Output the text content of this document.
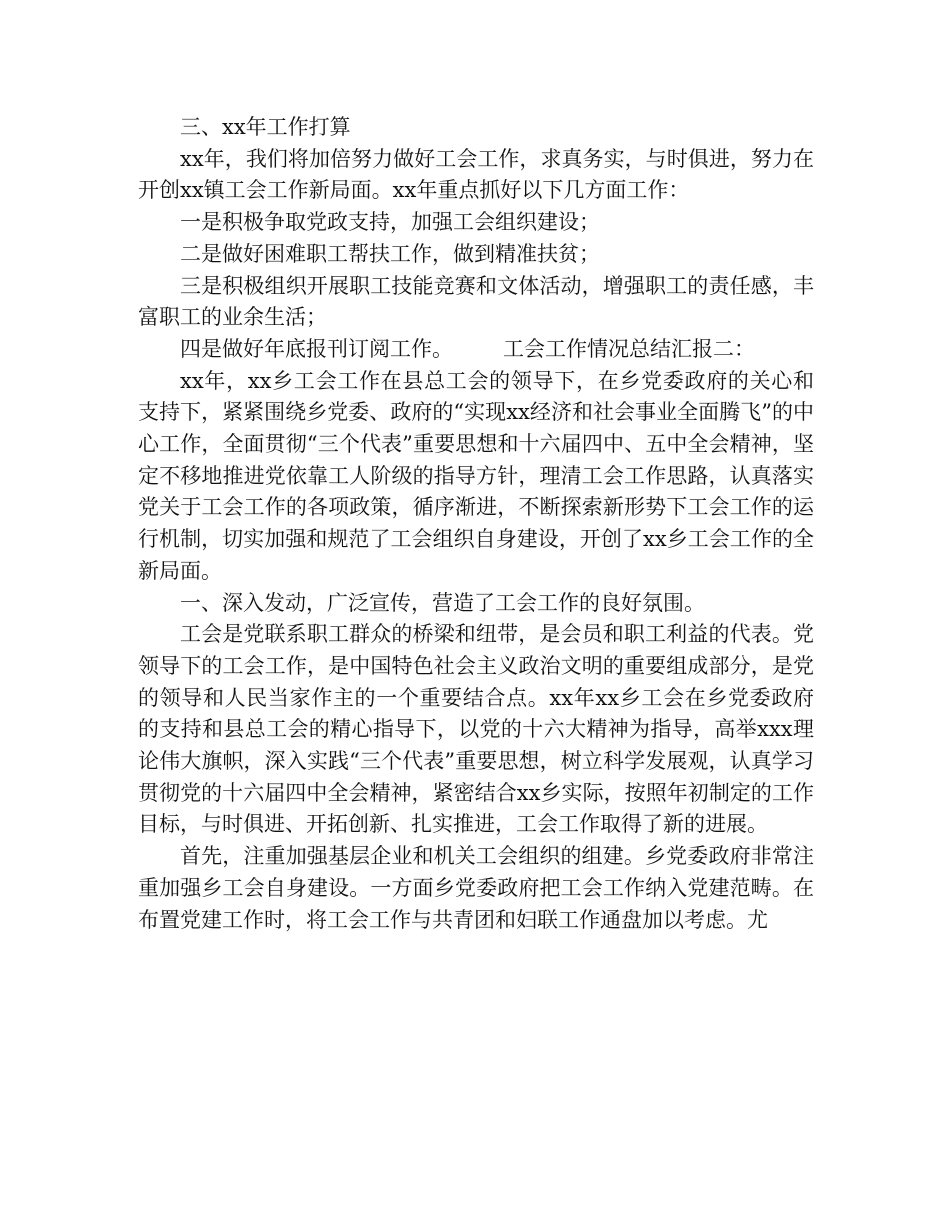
三、xx年工作打算

xx年，我们将加倍努力做好工会工作，求真务实，与时俱进，努力在开创xx镇工会工作新局面。xx年重点抓好以下几方面工作：

一是积极争取党政支持，加强工会组织建设；

二是做好困难职工帮扶工作，做到精准扶贫；

三是积极组织开展职工技能竞赛和文体活动，增强职工的责任感，丰富职工的业余生活；

四是做好年底报刊订阅工作。 工会工作情况总结汇报二：

xx年，xx乡工会工作在县总工会的领导下，在乡党委政府的关心和支持下，紧紧围绕乡党委、政府的“实现xx经济和社会事业全面腾飞”的中心工作，全面贯彻“三个代表”重要思想和十六届四中、五中全会精神，坚定不移地推进党依靠工人阶级的指导方针，理清工会工作思路，认真落实党关于工会工作的各项政策，循序渐进，不断探索新形势下工会工作的运行机制，切实加强和规范了工会组织自身建设，开创了xx乡工会工作的全新局面。

一、深入发动，广泛宣传，营造了工会工作的良好氛围。

工会是党联系职工群众的桥梁和纽带，是会员和职工利益的代表。党领导下的工会工作，是中国特色社会主义政治文明的重要组成部分，是党的领导和人民当家作主的一个重要结合点。xx年xx乡工会在乡党委政府的支持和县总工会的精心指导下，以党的十六大精神为指导，高举xxx理论伟大旗帜，深入实践“三个代表”重要思想，树立科学发展观，认真学习贯彻党的十六届四中全会精神，紧密结合xx乡实际，按照年初制定的工作目标，与时俱进、开拓创新、扎实推进，工会工作取得了新的进展。

首先，注重加强基层企业和机关工会组织的组建。乡党委政府非常注重加强乡工会自身建设。一方面乡党委政府把工会工作纳入党建范畴。在布置党建工作时，将工会工作与共青团和妇联工作通盘加以考虑。尤
